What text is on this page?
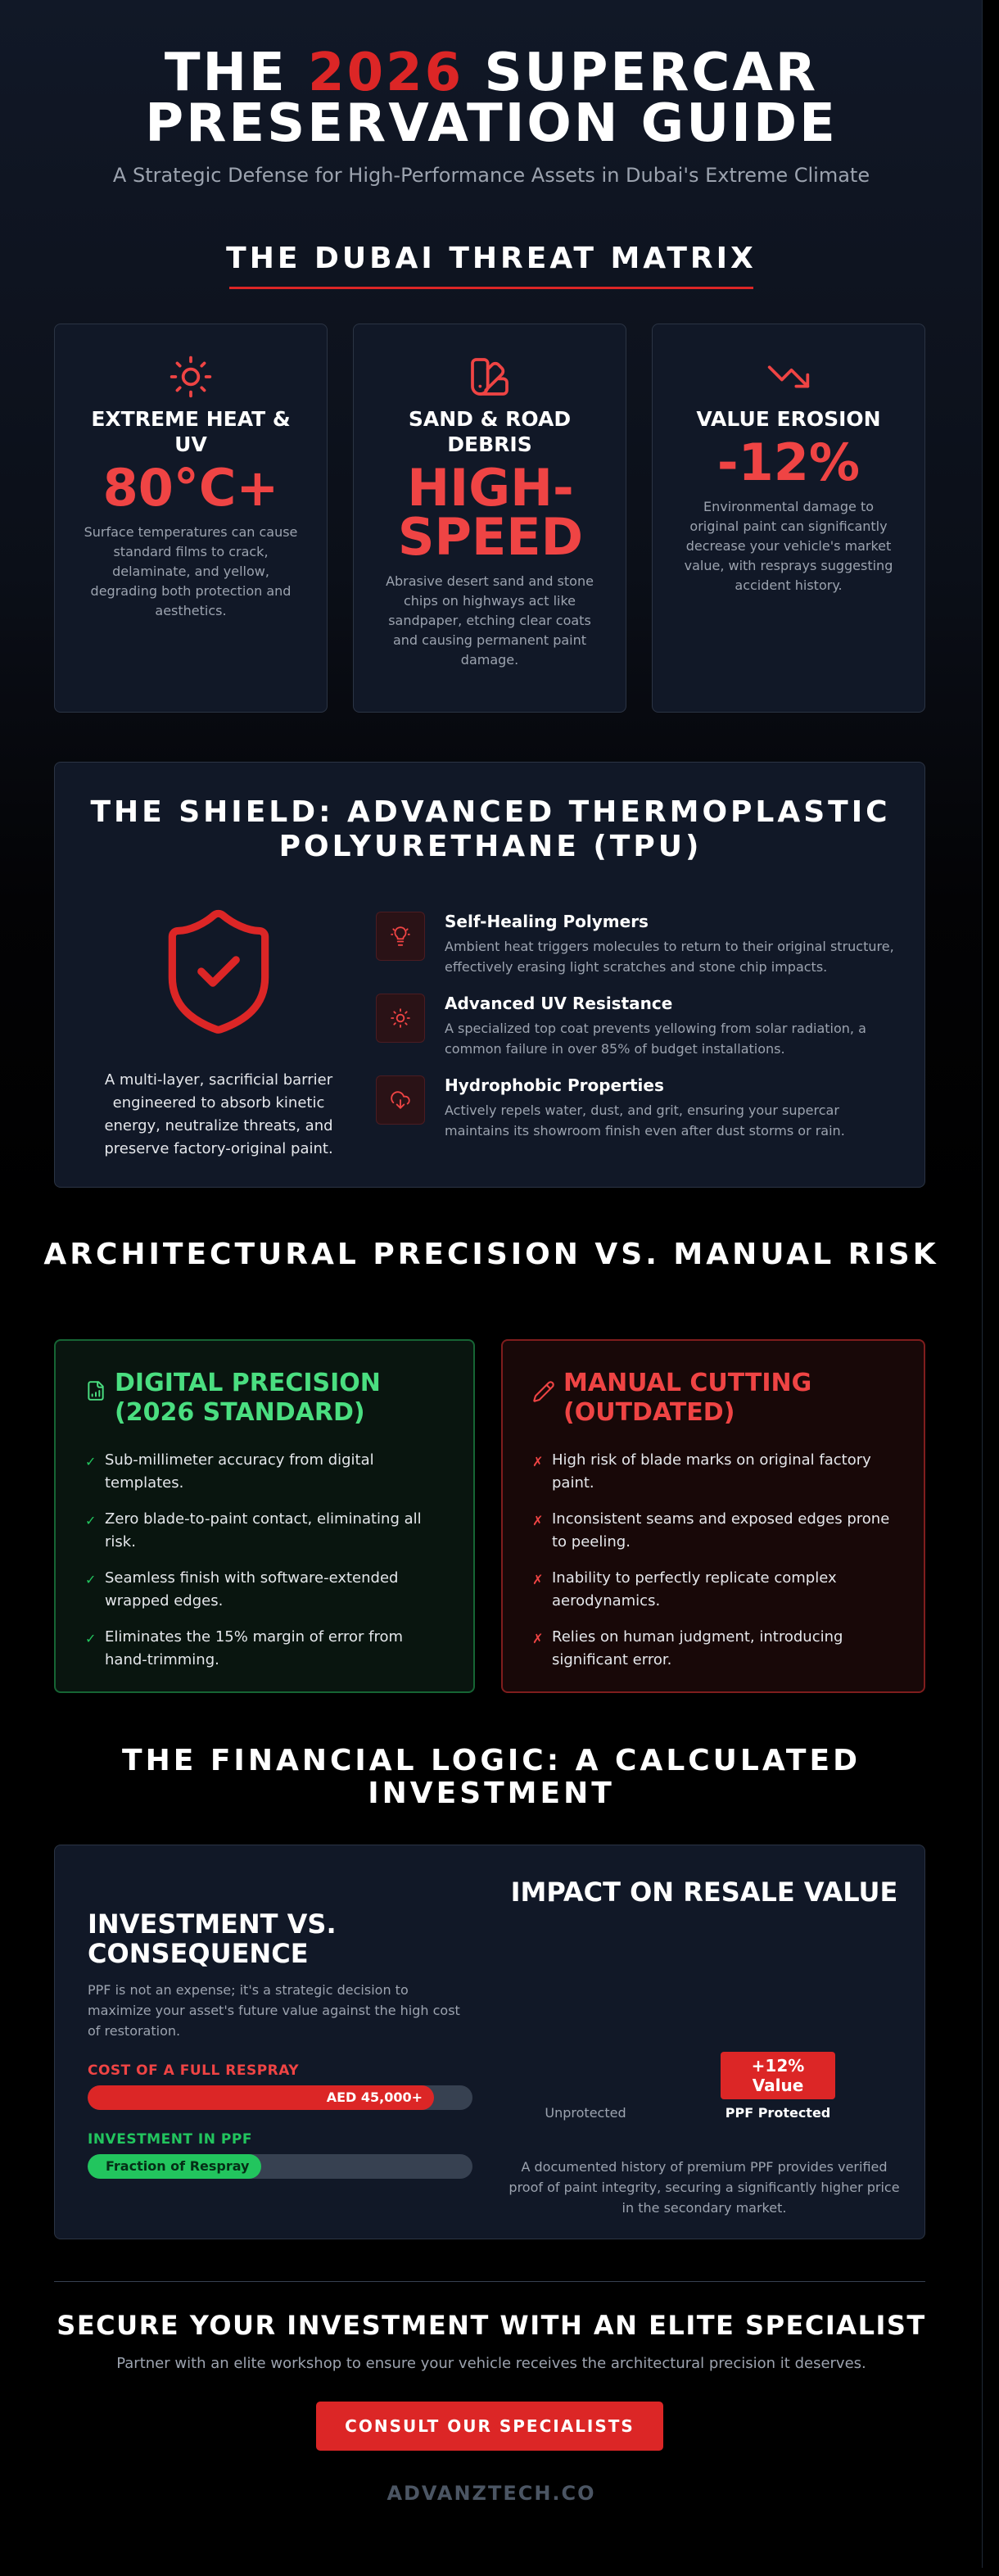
THE 2026 SUPERCAR
PRESERVATION GUIDE
A Strategic Defense for High-Performance Assets in Dubai's Extreme Climate
THE DUBAI THREAT MATRIX
EXTREME HEAT & UV
80°C+
Surface temperatures can cause standard films to crack, delaminate, and yellow, degrading both protection and aesthetics.
SAND & ROAD DEBRIS
HIGH-SPEED
Abrasive desert sand and stone chips on highways act like sandpaper, etching clear coats and causing permanent paint damage.
VALUE EROSION
-12%
Environmental damage to original paint can significantly decrease your vehicle's market value, with resprays suggesting accident history.
THE SHIELD: ADVANCED THERMOPLASTIC POLYURETHANE (TPU)
A multi-layer, sacrificial barrier engineered to absorb kinetic energy, neutralize threats, and preserve factory-original paint.
Self-Healing Polymers
Ambient heat triggers molecules to return to their original structure, effectively erasing light scratches and stone chip impacts.
Advanced UV Resistance
A specialized top coat prevents yellowing from solar radiation, a common failure in over 85% of budget installations.
Hydrophobic Properties
Actively repels water, dust, and grit, ensuring your supercar maintains its showroom finish even after dust storms or rain.
ARCHITECTURAL PRECISION VS. MANUAL RISK
DIGITAL PRECISION (2026 STANDARD)
✓ Sub-millimeter accuracy from digital templates.
✓ Zero blade-to-paint contact, eliminating all risk.
✓ Seamless finish with software-extended wrapped edges.
✓ Eliminates the 15% margin of error from hand-trimming.
MANUAL CUTTING (OUTDATED)
✗ High risk of blade marks on original factory paint.
✗ Inconsistent seams and exposed edges prone to peeling.
✗ Inability to perfectly replicate complex aerodynamics.
✗ Relies on human judgment, introducing significant error.
THE FINANCIAL LOGIC: A CALCULATED INVESTMENT
INVESTMENT VS. CONSEQUENCE
PPF is not an expense; it's a strategic decision to maximize your asset's future value against the high cost of restoration.
COST OF A FULL RESPRAY
AED 45,000+
INVESTMENT IN PPF
Fraction of Respray
IMPACT ON RESALE VALUE
Unprotected
+12% Value
PPF Protected
A documented history of premium PPF provides verified proof of paint integrity, securing a significantly higher price in the secondary market.
SECURE YOUR INVESTMENT WITH AN ELITE SPECIALIST
Partner with an elite workshop to ensure your vehicle receives the architectural precision it deserves.
CONSULT OUR SPECIALISTS
ADVANZTECH.CO
